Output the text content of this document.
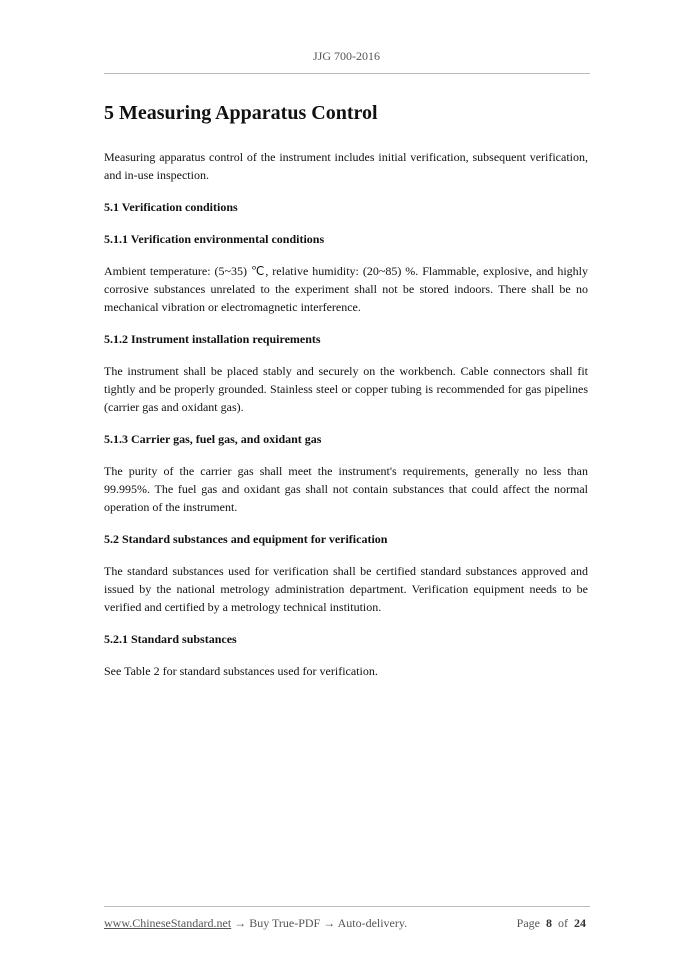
JJG 700-2016
5 Measuring Apparatus Control

Measuring apparatus control of the instrument includes initial verification, subsequent verification, and in-use inspection.

5.1 Verification conditions
5.1.1 Verification environmental conditions

Ambient temperature: (5~35) ℃, relative humidity: (20~85) %. Flammable, explosive, and highly corrosive substances unrelated to the experiment shall not be stored indoors. There shall be no mechanical vibration or electromagnetic interference.

5.1.2 Instrument installation requirements

The instrument shall be placed stably and securely on the workbench. Cable connectors shall fit tightly and be properly grounded. Stainless steel or copper tubing is recommended for gas pipelines (carrier gas and oxidant gas).

5.1.3 Carrier gas, fuel gas, and oxidant gas

The purity of the carrier gas shall meet the instrument's requirements, generally no less than 99.995%. The fuel gas and oxidant gas shall not contain substances that could affect the normal operation of the instrument.

5.2 Standard substances and equipment for verification

The standard substances used for verification shall be certified standard substances approved and issued by the national metrology administration department. Verification equipment needs to be verified and certified by a metrology technical institution.

5.2.1 Standard substances

See Table 2 for standard substances used for verification.

www.ChineseStandard.net → Buy True-PDF → Auto-delivery.	Page 8 of 24
